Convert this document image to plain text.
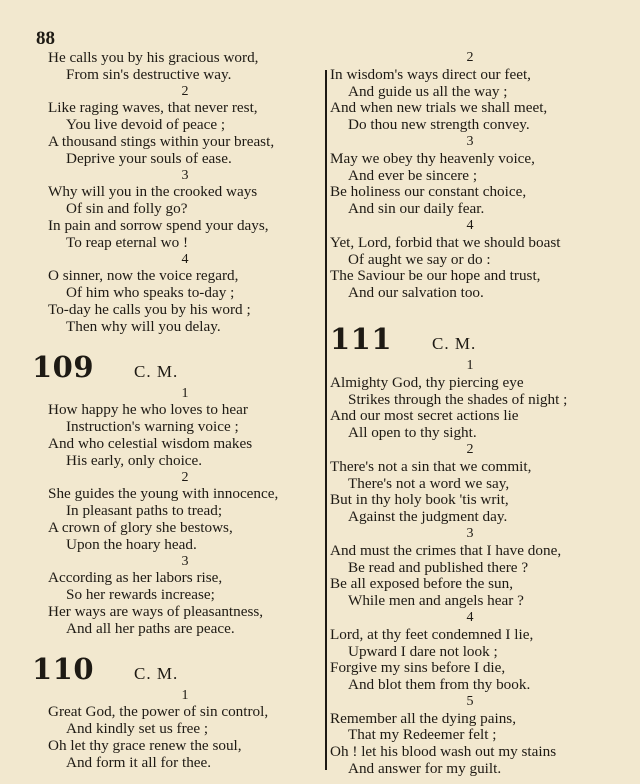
88
He calls you by his gracious word,
From sin's destructive way.
2
Like raging waves, that never rest,
You live devoid of peace ;
A thousand stings within your breast,
Deprive your souls of ease.
3
Why will you in the crooked ways
Of sin and folly go?
In pain and sorrow spend your days,
To reap eternal wo !
4
O sinner, now the voice regard,
Of him who speaks to-day ;
To-day he calls you by his word ;
Then why will you delay.
109 C. M.
1
How happy he who loves to hear
Instruction's warning voice ;
And who celestial wisdom makes
His early, only choice.
2
She guides the young with innocence,
In pleasant paths to tread;
A crown of glory she bestows,
Upon the hoary head.
3
According as her labors rise,
So her rewards increase;
Her ways are ways of pleasantness,
And all her paths are peace.
110 C. M.
1
Great God, the power of sin control,
And kindly set us free ;
Oh let thy grace renew the soul,
And form it all for thee.
2
In wisdom's ways direct our feet,
And guide us all the way ;
And when new trials we shall meet,
Do thou new strength convey.
3
May we obey thy heavenly voice,
And ever be sincere ;
Be holiness our constant choice,
And sin our daily fear.
4
Yet, Lord, forbid that we should boast
Of aught we say or do :
The Saviour be our hope and trust,
And our salvation too.
111 C. M.
1
Almighty God, thy piercing eye
Strikes through the shades of night ;
And our most secret actions lie
All open to thy sight.
2
There's not a sin that we commit,
There's not a word we say,
But in thy holy book 'tis writ,
Against the judgment day.
3
And must the crimes that I have done,
Be read and published there ?
Be all exposed before the sun,
While men and angels hear ?
4
Lord, at thy feet condemned I lie,
Upward I dare not look ;
Forgive my sins before I die,
And blot them from thy book.
5
Remember all the dying pains,
That my Redeemer felt ;
Oh ! let his blood wash out my stains
And answer for my guilt.
